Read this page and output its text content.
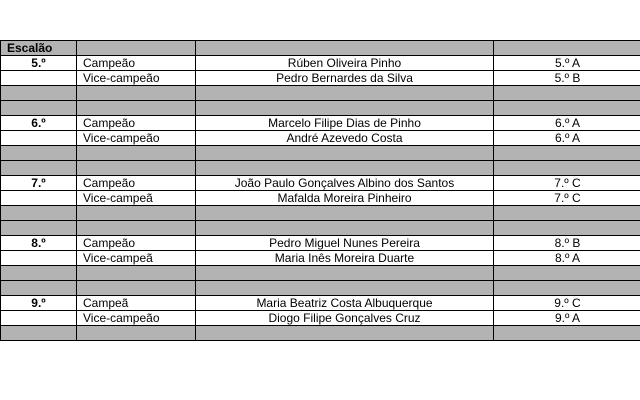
Escalão			
5.º	Campeão	Rúben Oliveira Pinho	5.º A
	Vice-campeão	Pedro Bernardes da Silva	5.º B

6.º	Campeão	Marcelo Filipe Dias de Pinho	6.º A
	Vice-campeão	André Azevedo Costa	6.º A

7.º	Campeão	João Paulo Gonçalves Albino dos Santos	7.º C
	Vice-campeã	Mafalda Moreira Pinheiro	7.º C

8.º	Campeão	Pedro Miguel Nunes Pereira	8.º B
	Vice-campeã	Maria Inês Moreira Duarte	8.º A

9.º	Campeã	Maria Beatriz Costa Albuquerque	9.º C
	Vice-campeão	Diogo Filipe Gonçalves Cruz	9.º A
